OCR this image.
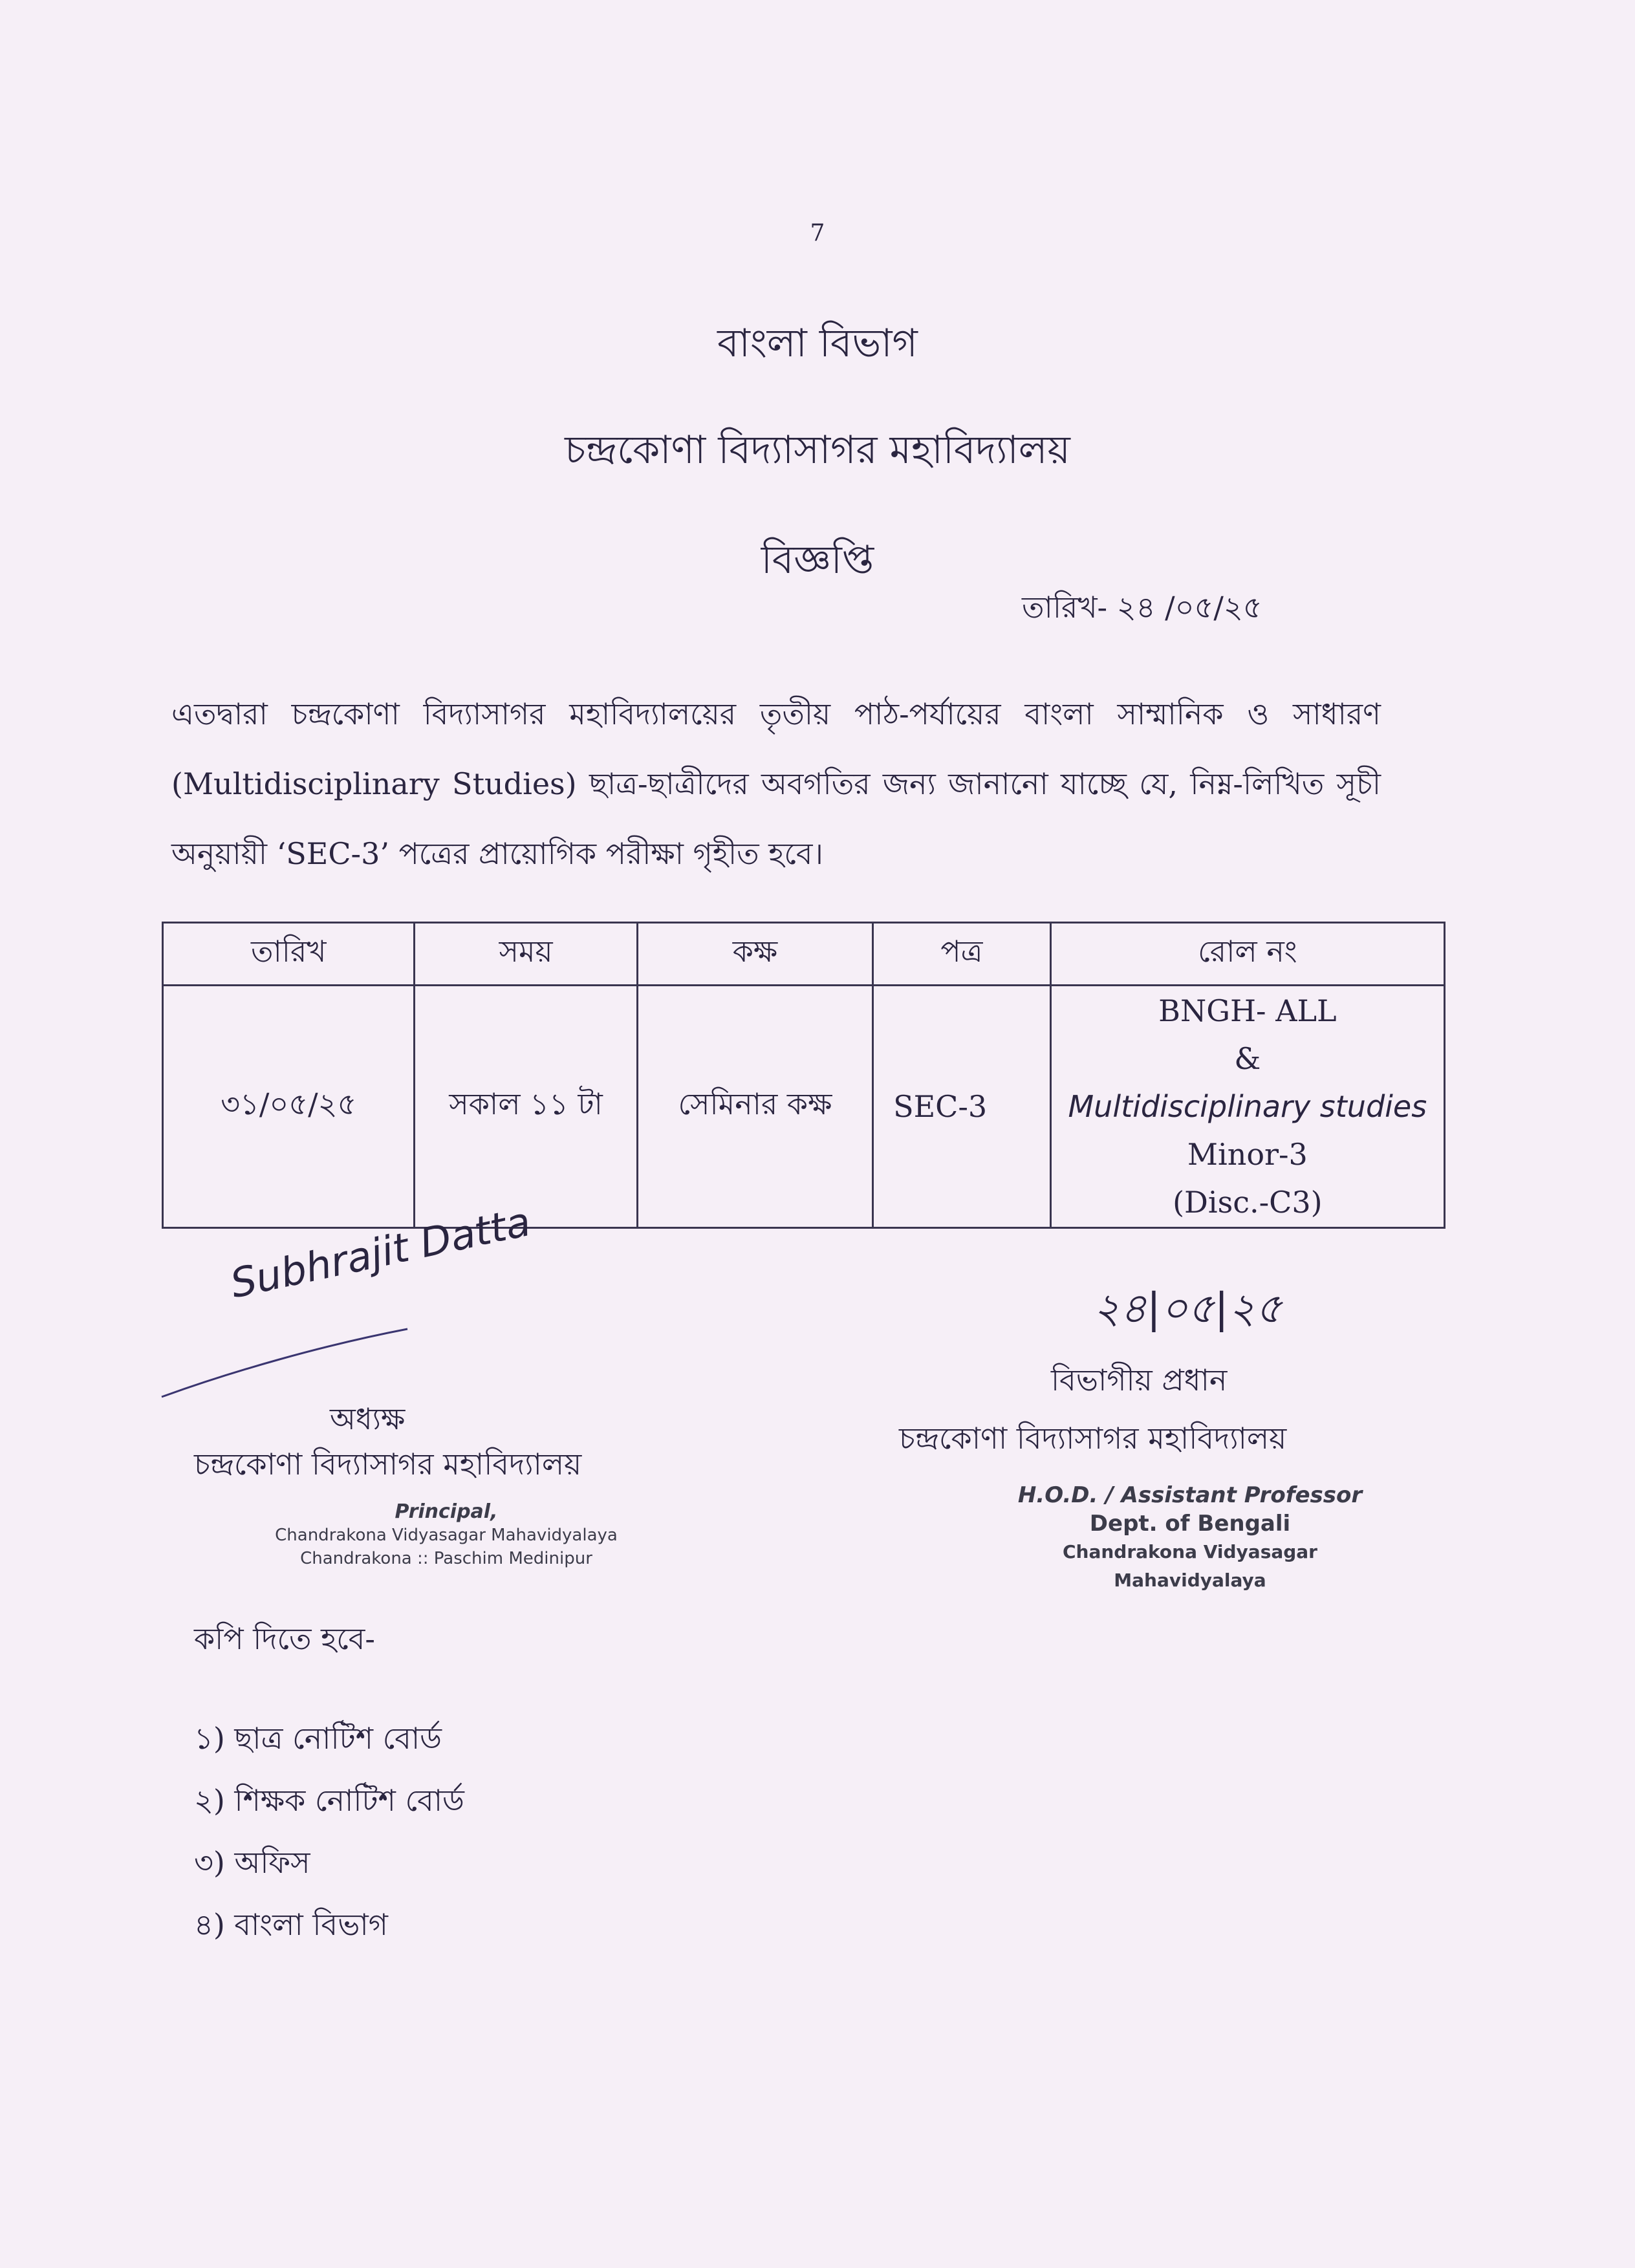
7
বাংলা বিভাগ
চন্দ্রকোণা বিদ্যাসাগর মহাবিদ্যালয়
বিজ্ঞপ্তি
তারিখ- ২৪ /০৫/২৫
এতদ্বারা চন্দ্রকোণা বিদ্যাসাগর মহাবিদ্যালয়ের তৃতীয় পাঠ-পর্যায়ের বাংলা সাম্মানিক ও সাধারণ (Multidisciplinary Studies) ছাত্র-ছাত্রীদের অবগতির জন্য জানানো যাচ্ছে যে, নিম্ন-লিখিত সূচী অনুয়ায়ী ‘SEC-3’ পত্রের প্রায়োগিক পরীক্ষা গৃহীত হবে।
তারিখ	সময়	কক্ষ	পত্র	রোল নং
৩১/০৫/২৫	সকাল ১১ টা	সেমিনার কক্ষ	SEC-3	BNGH- ALL
&
Multidisciplinary studies
Minor-3
(Disc.-C3)
Subhrajit Datta
অধ্যক্ষ
চন্দ্রকোণা বিদ্যাসাগর মহাবিদ্যালয়
Principal,
Chandrakona Vidyasagar Mahavidyalaya
Chandrakona :: Paschim Medinipur
২৪|০৫|২৫
বিভাগীয় প্রধান
চন্দ্রকোণা বিদ্যাসাগর মহাবিদ্যালয়
H.O.D. / Assistant Professor
Dept. of Bengali
Chandrakona Vidyasagar Mahavidyalaya
কপি দিতে হবে-
১) ছাত্র নোটিশ বোর্ড
২) শিক্ষক নোটিশ বোর্ড
৩) অফিস
৪) বাংলা বিভাগ
